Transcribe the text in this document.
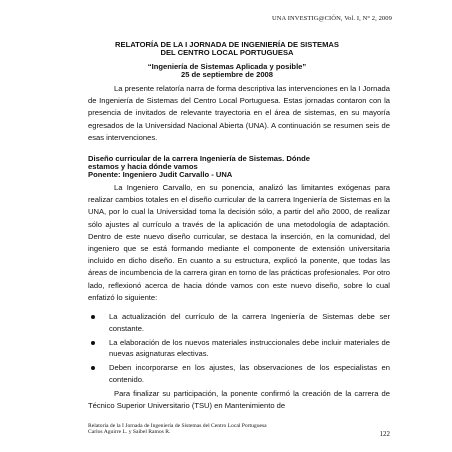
UNA INVESTIG@CIÓN, Vol. I, N° 2, 2009
RELATORÍA DE LA I JORNADA DE INGENIERÍA DE SISTEMAS
DEL CENTRO LOCAL PORTUGUESA
“Ingeniería de Sistemas Aplicada y posible”
25 de septiembre de 2008

La presente relatoría narra de forma descriptiva las intervenciones en la I Jornada de Ingeniería de Sistemas del Centro Local Portuguesa. Estas jornadas contaron con la presencia de invitados de relevante trayectoria en el área de sistemas, en su mayoría egresados de la Universidad Nacional Abierta (UNA). A continuación se resumen seis de esas intervenciones.

Diseño curricular de la carrera Ingeniería de Sistemas. Dónde
estamos y hacia dónde vamos
Ponente: Ingeniero Judit Carvallo - UNA

La Ingeniero Carvallo, en su ponencia, analizó las limitantes exógenas para realizar cambios totales en el diseño curricular de la carrera Ingeniería de Sistemas en la UNA, por lo cual la Universidad toma la decisión sólo, a partir del año 2000, de realizar sólo ajustes al currículo a través de la aplicación de una metodología de adaptación. Dentro de este nuevo diseño curricular, se destaca la inserción, en la comunidad, del ingeniero que se está formando mediante el componente de extensión universitaria incluido en dicho diseño. En cuanto a su estructura, explicó la ponente, que todas las áreas de incumbencia de la carrera giran en torno de las prácticas profesionales. Por otro lado, reflexionó acerca de hacia dónde vamos con este nuevo diseño, sobre lo cual enfatizó lo siguiente:

La actualización del currículo de la carrera Ingeniería de Sistemas debe ser constante.
La elaboración de los nuevos materiales instruccionales debe incluir materiales de nuevas asignaturas electivas.
Deben incorporarse en los ajustes, las observaciones de los especialistas en contenido.

Para finalizar su participación, la ponente confirmó la creación de la carrera de Técnico Superior Universitario (TSU) en Mantenimiento de

Relatoría de la I Jornada de Ingeniería de Sistemas del Centro Local Portuguesa
Carlos Aguirre L. y Saibel Ramos R.	122
